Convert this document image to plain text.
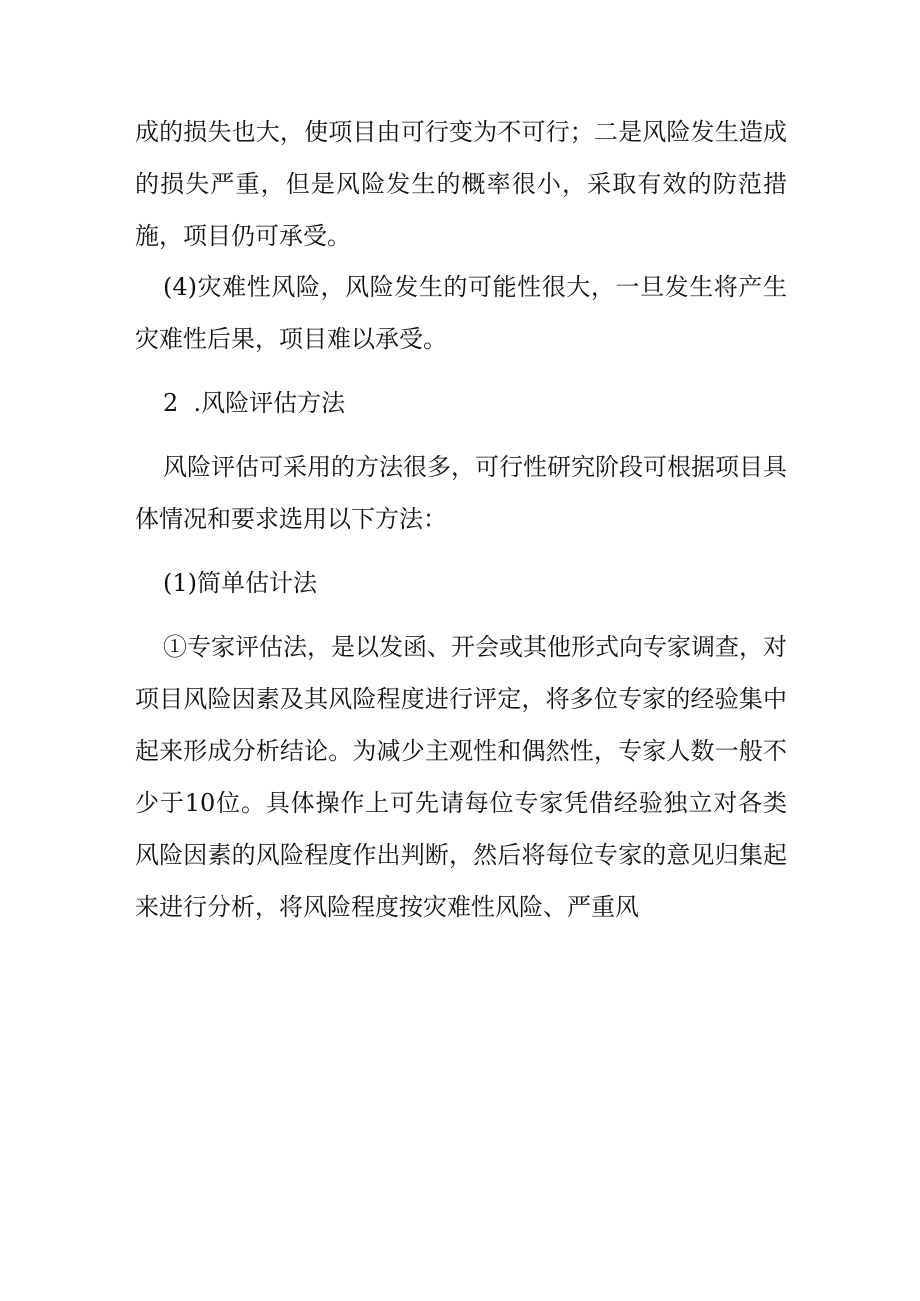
成的损失也大，使项目由可行变为不可行；二是风险发生造成的损失严重，但是风险发生的概率很小，采取有效的防范措施，项目仍可承受。

(4)灾难性风险，风险发生的可能性很大，一旦发生将产生灾难性后果，项目难以承受。

2  .风险评估方法

风险评估可采用的方法很多，可行性研究阶段可根据项目具体情况和要求选用以下方法：

(1)简单估计法

①专家评估法，是以发函、开会或其他形式向专家调查，对项目风险因素及其风险程度进行评定，将多位专家的经验集中起来形成分析结论。为减少主观性和偶然性，专家人数一般不少于10位。具体操作上可先请每位专家凭借经验独立对各类风险因素的风险程度作出判断，然后将每位专家的意见归集起来进行分析，将风险程度按灾难性风险、严重风
